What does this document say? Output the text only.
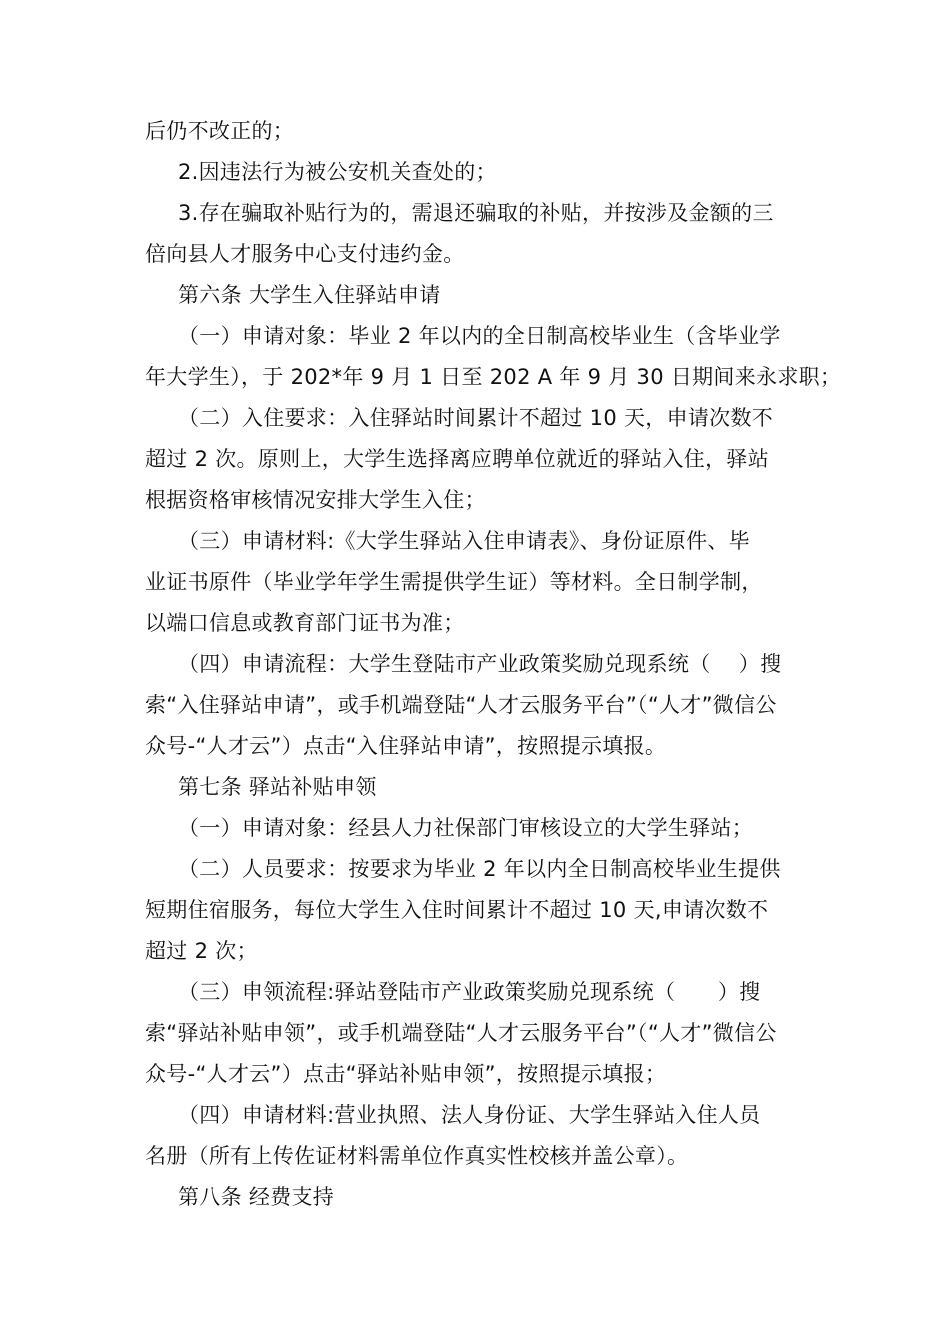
后仍不改正的；
2.因违法行为被公安机关查处的；
3.存在骗取补贴行为的，需退还骗取的补贴，并按涉及金额的三
倍向县人才服务中心支付违约金。
第六条 大学生入住驿站申请
（一）申请对象：毕业 2 年以内的全日制高校毕业生（含毕业学
年大学生），于 202*年 9 月 1 日至 202 A 年 9 月 30 日期间来永求职；
（二）入住要求：入住驿站时间累计不超过 10 天，申请次数不
超过 2 次。原则上，大学生选择离应聘单位就近的驿站入住，驿站
根据资格审核情况安排大学生入住；
（三）申请材料:《大学生驿站入住申请表》、身份证原件、毕
业证书原件（毕业学年学生需提供学生证）等材料。全日制学制，
以端口信息或教育部门证书为准；
（四）申请流程：大学生登陆市产业政策奖励兑现系统（　 ）搜
索“入住驿站申请”，或手机端登陆“人才云服务平台”（“人才”微信公
众号-“人才云”）点击“入住驿站申请”，按照提示填报。
第七条 驿站补贴申领
（一）申请对象：经县人力社保部门审核设立的大学生驿站；
（二）人员要求：按要求为毕业 2 年以内全日制高校毕业生提供
短期住宿服务，每位大学生入住时间累计不超过 10 天,申请次数不
超过 2 次；
（三）申领流程:驿站登陆市产业政策奖励兑现系统（　　）搜
索“驿站补贴申领”，或手机端登陆“人才云服务平台”（“人才”微信公
众号-“人才云”）点击“驿站补贴申领”，按照提示填报；
（四）申请材料:营业执照、法人身份证、大学生驿站入住人员
名册（所有上传佐证材料需单位作真实性校核并盖公章）。
第八条 经费支持
